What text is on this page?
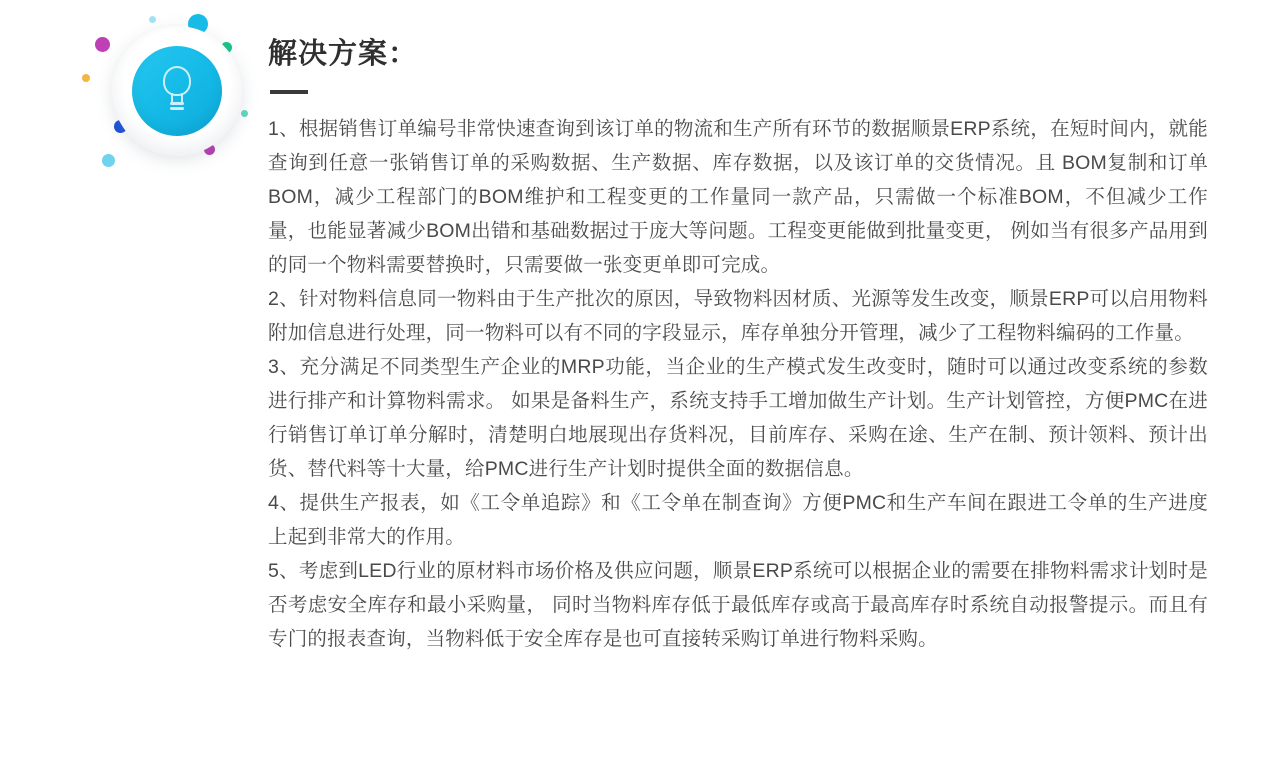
解决方案：

1、根据销售订单编号非常快速查询到该订单的物流和生产所有环节的数据顺景ERP系统，在短时间内，就能查询到任意一张销售订单的采购数据、生产数据、库存数据，以及该订单的交货情况。且 BOM复制和订单BOM，减少工程部门的BOM维护和工程变更的工作量同一款产品，只需做一个标准BOM，不但减少工作量，也能显著减少BOM出错和基础数据过于庞大等问题。工程变更能做到批量变更， 例如当有很多产品用到的同一个物料需要替换时，只需要做一张变更单即可完成。

2、针对物料信息同一物料由于生产批次的原因，导致物料因材质、光源等发生改变，顺景ERP可以启用物料附加信息进行处理，同一物料可以有不同的字段显示，库存单独分开管理，减少了工程物料编码的工作量。

3、充分满足不同类型生产企业的MRP功能，当企业的生产模式发生改变时，随时可以通过改变系统的参数进行排产和计算物料需求。 如果是备料生产，系统支持手工增加做生产计划。生产计划管控，方便PMC在进行销售订单订单分解时，清楚明白地展现出存货料况，目前库存、采购在途、生产在制、预计领料、预计出货、替代料等十大量，给PMC进行生产计划时提供全面的数据信息。

4、提供生产报表，如《工令单追踪》和《工令单在制查询》方便PMC和生产车间在跟进工令单的生产进度上起到非常大的作用。

5、考虑到LED行业的原材料市场价格及供应问题，顺景ERP系统可以根据企业的需要在排物料需求计划时是否考虑安全库存和最小采购量， 同时当物料库存低于最低库存或高于最高库存时系统自动报警提示。而且有专门的报表查询，当物料低于安全库存是也可直接转采购订单进行物料采购。
